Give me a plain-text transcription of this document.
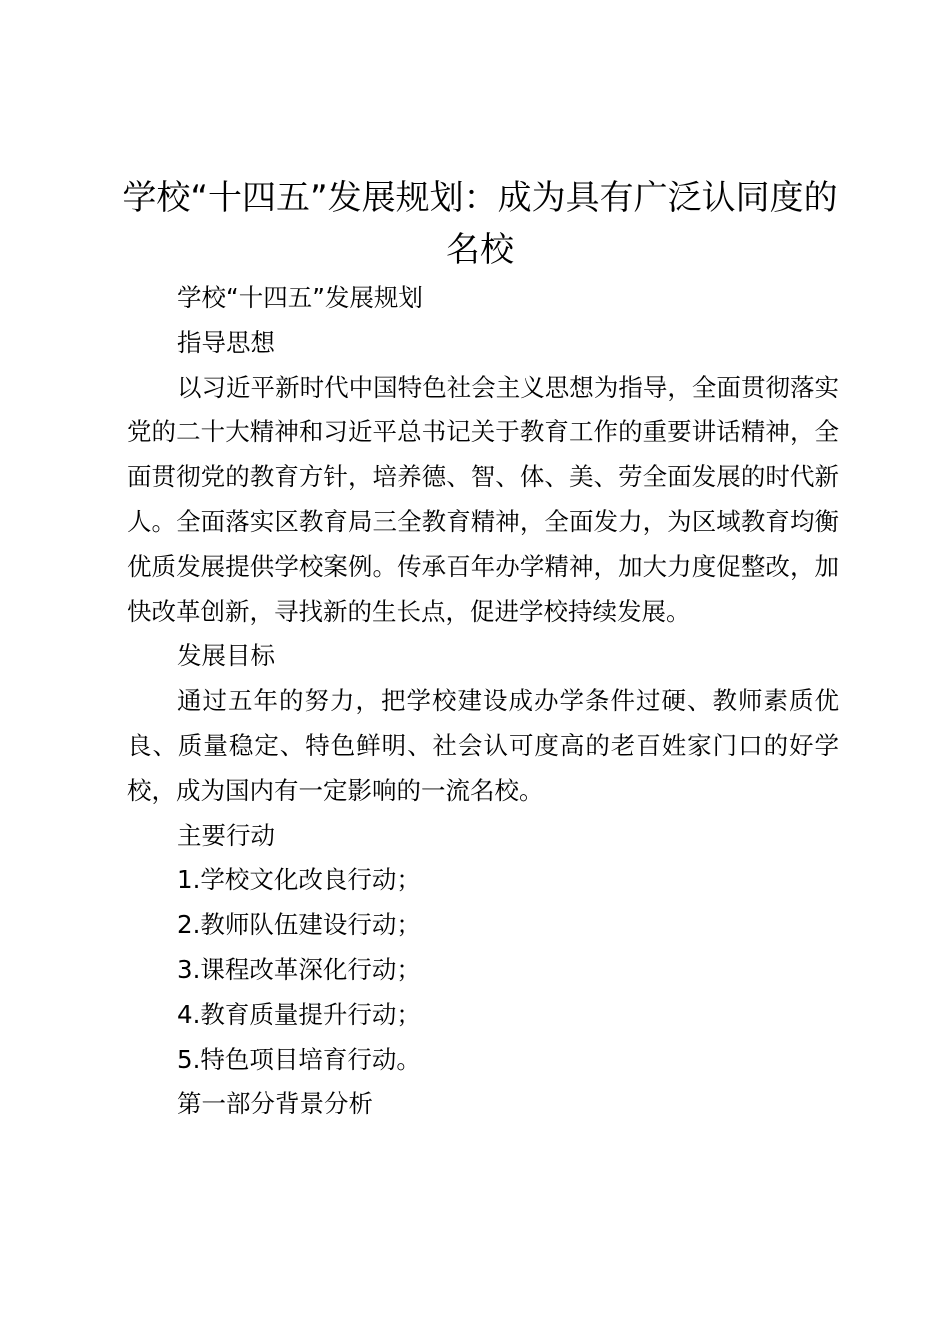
学校“十四五”发展规划：成为具有广泛认同度的名校

学校“十四五”发展规划

指导思想

以习近平新时代中国特色社会主义思想为指导，全面贯彻落实党的二十大精神和习近平总书记关于教育工作的重要讲话精神，全面贯彻党的教育方针，培养德、智、体、美、劳全面发展的时代新人。全面落实区教育局三全教育精神，全面发力，为区域教育均衡优质发展提供学校案例。传承百年办学精神，加大力度促整改，加快改革创新，寻找新的生长点，促进学校持续发展。

发展目标

通过五年的努力，把学校建设成办学条件过硬、教师素质优良、质量稳定、特色鲜明、社会认可度高的老百姓家门口的好学校，成为国内有一定影响的一流名校。

主要行动

1.学校文化改良行动；

2.教师队伍建设行动；

3.课程改革深化行动；

4.教育质量提升行动；

5.特色项目培育行动。

第一部分背景分析
